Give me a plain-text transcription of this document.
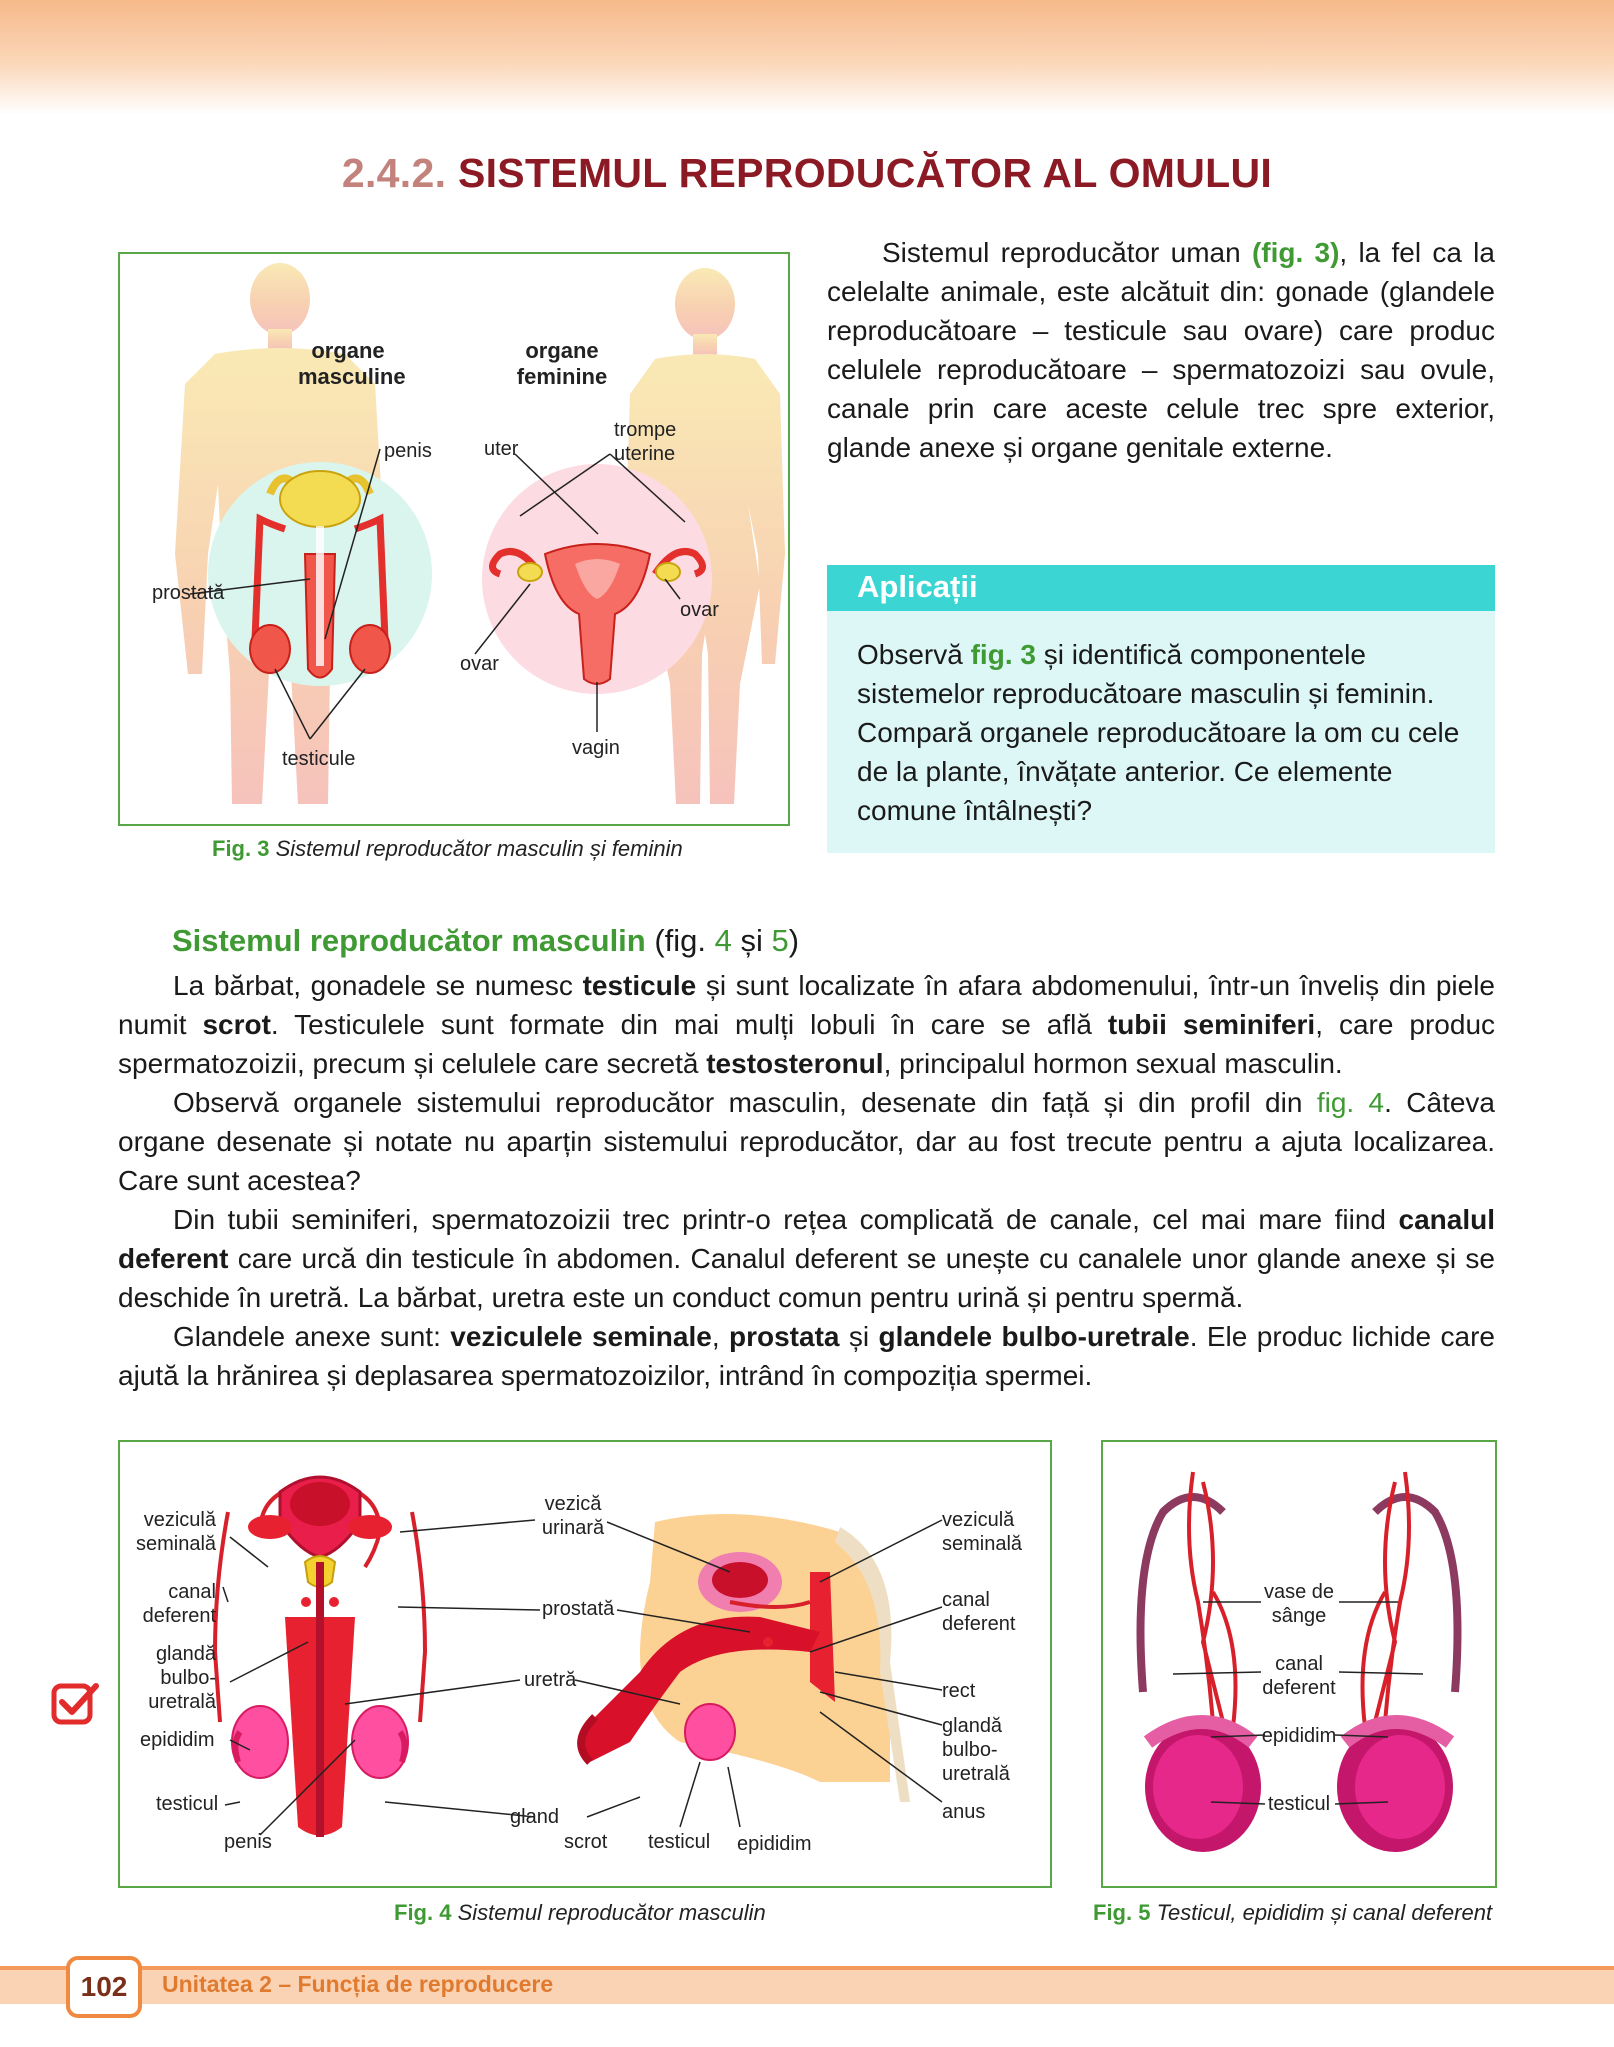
2.4.2. SISTEMUL REPRODUCĂTOR AL OMULUI
organe masculine
organe feminine
penis	uter
trompe uterine
prostată
ovar
ovar
testicule	vagin
Fig. 3 Sistemul reproducător masculin și feminin
Sistemul reproducător uman (fig. 3), la fel ca la celelalte animale, este alcătuit din: gonade (glandele reproducătoare – testicule sau ovare) care produc celulele reproducătoare – spermatozoizi sau ovule, canale prin care aceste celule trec spre exterior, glande anexe și organe genitale externe.
Observă fig. 3 și identifică componentele sistemelor reproducătoare masculin și feminin.
Compară organele reproducătoare la om cu cele de la plante, învățate anterior. Ce elemente comune întâlnești?
Aplicații
Sistemul reproducător masculin (fig. 4 și 5)
La bărbat, gonadele se numesc testicule și sunt localizate în afara abdomenului, într-un înveliș din piele numit scrot. Testiculele sunt formate din mai mulți lobuli în care se află tubii seminiferi, care produc spermatozoizii, precum și celulele care secretă testosteronul, principalul hormon sexual masculin.
Observă organele sistemului reproducător masculin, desenate din față și din profil din fig. 4. Câteva organe desenate și notate nu aparțin sistemului reproducător, dar au fost trecute pentru a ajuta localizarea. Care sunt acestea?
Din tubii seminiferi, spermatozoizii trec printr-o rețea complicată de canale, cel mai mare fiind canalul deferent care urcă din testicule în abdomen. Canalul deferent se unește cu canalele unor glande anexe și se deschide în uretră. La bărbat, uretra este un conduct comun pentru urină și pentru spermă.
Glandele anexe sunt: veziculele seminale, prostata și glandele bulbo-uretrale. Ele produc lichide care ajută la hrănirea și deplasarea spermatozoizilor, intrând în compoziția spermei.
veziculă seminală
canal deferent
glandă bulbo-uretrală
epididim
testicul
penis
vezică urinară
prostată
uretră
gland
scrot testicul epididim
veziculă seminală
canal deferent
rect
glandă bulbo-uretrală
anus
Fig. 4 Sistemul reproducător masculin
vase de sânge
canal deferent
epididim
testicul
Fig. 5 Testicul, epididim și canal deferent
102	Unitatea 2 – Funcția de reproducere
